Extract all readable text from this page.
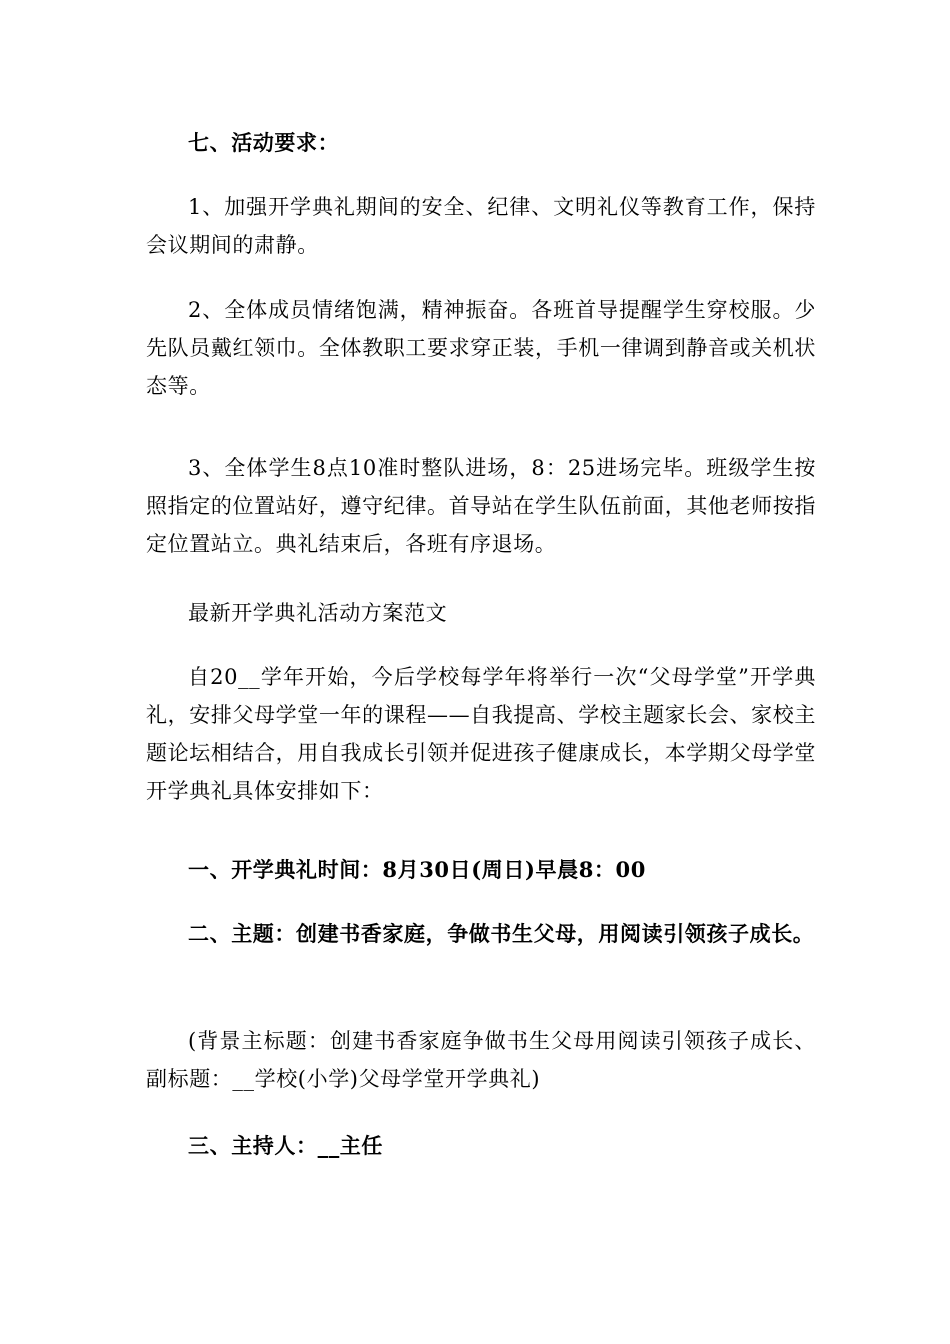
七、活动要求：

1、加强开学典礼期间的安全、纪律、文明礼仪等教育工作，保持会议期间的肃静。

2、全体成员情绪饱满，精神振奋。各班首导提醒学生穿校服。少先队员戴红领巾。全体教职工要求穿正装，手机一律调到静音或关机状态等。

3、全体学生8点10准时整队进场，8：25进场完毕。班级学生按照指定的位置站好，遵守纪律。首导站在学生队伍前面，其他老师按指定位置站立。典礼结束后，各班有序退场。

最新开学典礼活动方案范文

自20__学年开始，今后学校每学年将举行一次“父母学堂”开学典礼，安排父母学堂一年的课程——自我提高、学校主题家长会、家校主题论坛相结合，用自我成长引领并促进孩子健康成长，本学期父母学堂开学典礼具体安排如下：

一、开学典礼时间：8月30日(周日)早晨8：00

二、主题：创建书香家庭，争做书生父母，用阅读引领孩子成长。

(背景主标题：创建书香家庭争做书生父母用阅读引领孩子成长、副标题：__学校(小学)父母学堂开学典礼)

三、主持人：__主任
